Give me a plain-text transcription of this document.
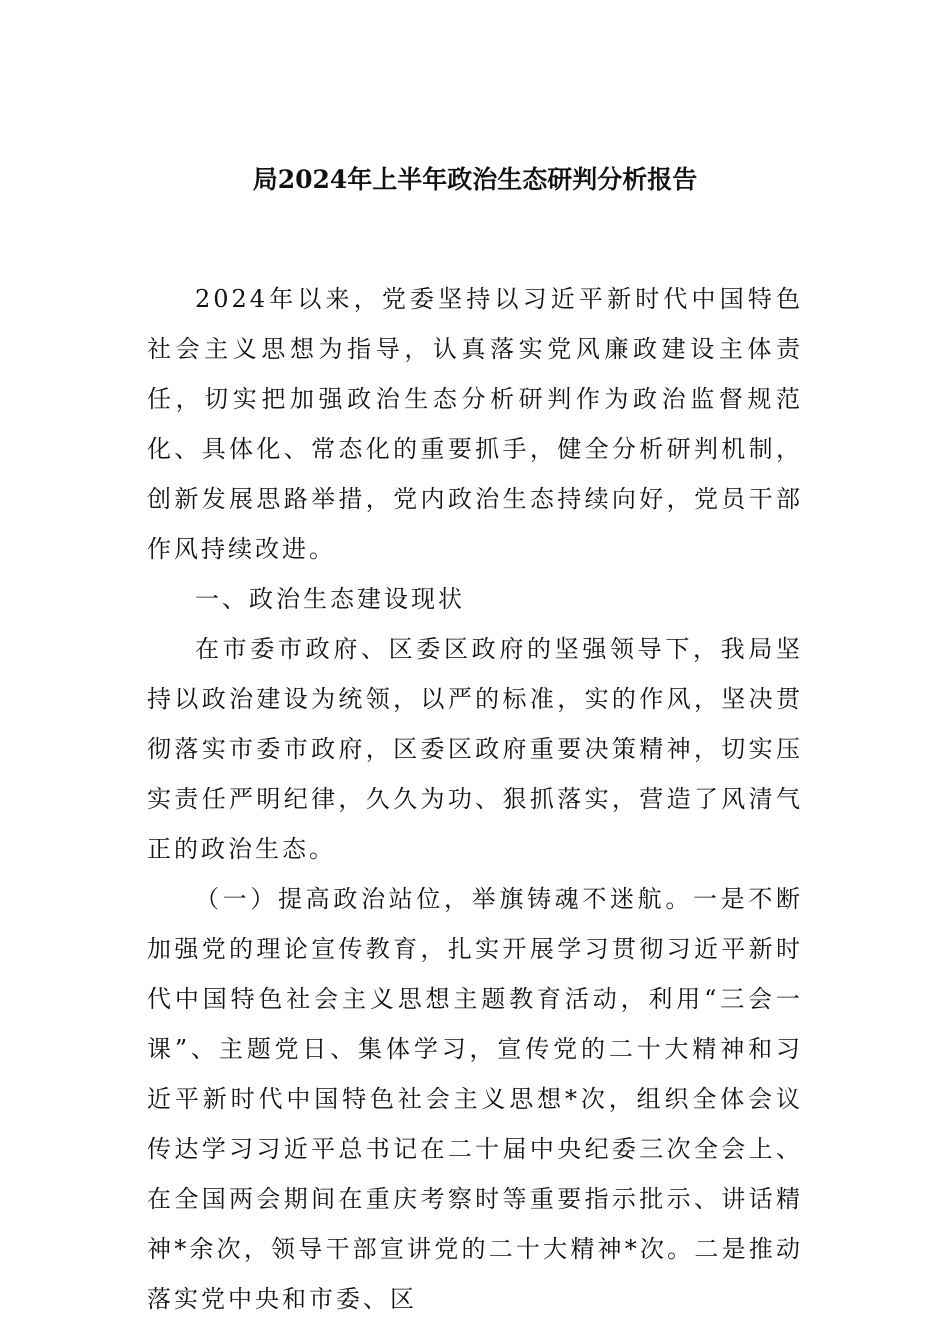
局2024年上半年政治生态研判分析报告

2024年以来，党委坚持以习近平新时代中国特色社会主义思想为指导，认真落实党风廉政建设主体责任，切实把加强政治生态分析研判作为政治监督规范化、具体化、常态化的重要抓手，健全分析研判机制，创新发展思路举措，党内政治生态持续向好，党员干部作风持续改进。

一、政治生态建设现状

在市委市政府、区委区政府的坚强领导下，我局坚持以政治建设为统领，以严的标准，实的作风，坚决贯彻落实市委市政府，区委区政府重要决策精神，切实压实责任严明纪律，久久为功、狠抓落实，营造了风清气正的政治生态。

（一）提高政治站位，举旗铸魂不迷航。一是不断加强党的理论宣传教育，扎实开展学习贯彻习近平新时代中国特色社会主义思想主题教育活动，利用“三会一课”、主题党日、集体学习，宣传党的二十大精神和习近平新时代中国特色社会主义思想*次，组织全体会议传达学习习近平总书记在二十届中央纪委三次全会上、在全国两会期间在重庆考察时等重要指示批示、讲话精神*余次，领导干部宣讲党的二十大精神*次。二是推动落实党中央和市委、区
